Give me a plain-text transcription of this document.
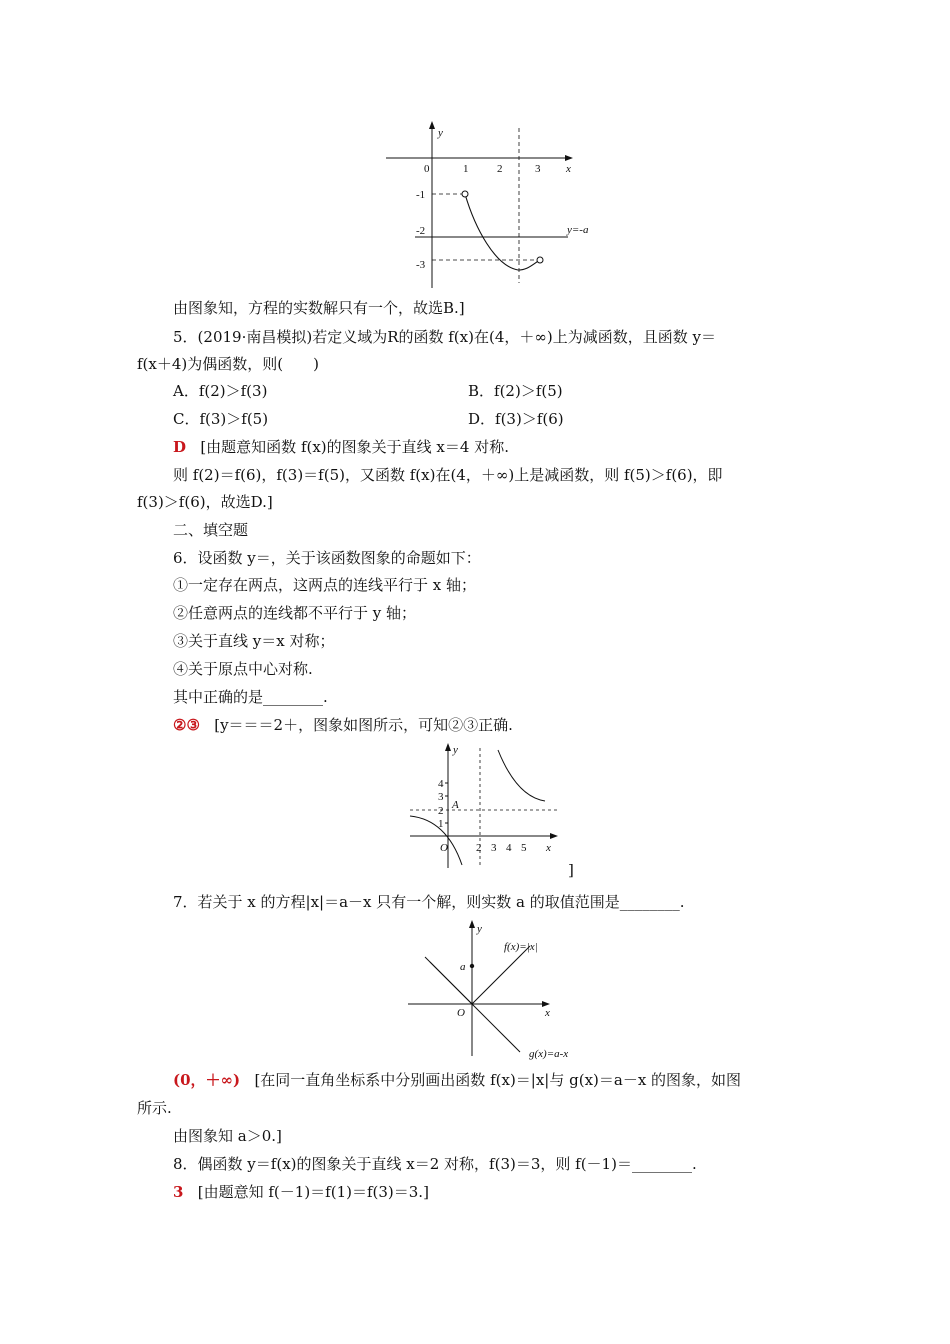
0	1	2	3 x
y
-1
-2
-3
y=-a
由图象知，方程的实数解只有一个，故选B.]
5．(2019·南昌模拟)若定义域为R的函数 f(x)在(4，＋∞)上为减函数，且函数 y＝
f(x＋4)为偶函数，则(　　)
A．f(2)＞f(3)	B．f(2)＞f(5)
C．f(3)＞f(5)	D．f(3)＞f(6)
D [由题意知函数 f(x)的图象关于直线 x＝4 对称.
则 f(2)＝f(6)，f(3)＝f(5)，又函数 f(x)在(4，＋∞)上是减函数，则 f(5)＞f(6)，即
f(3)＞f(6)，故选D.]
二、填空题
6．设函数 y＝，关于该函数图象的命题如下：
①一定存在两点，这两点的连线平行于 x 轴；
②任意两点的连线都不平行于 y 轴；
③关于直线 y＝x 对称；
④关于原点中心对称.
其中正确的是________.
②③ [y＝＝＝2＋，图象如图所示，可知②③正确.
4
3
2
1
O	2 3 4 5 x
y
A
]
7．若关于 x 的方程|x|＝a－x 只有一个解，则实数 a 的取值范围是________.
O	x
y
a
f(x)=|x|
g(x)=a-x
(0，＋∞) [在同一直角坐标系中分别画出函数 f(x)＝|x|与 g(x)＝a－x 的图象，如图
所示.
由图象知 a＞0.]
8．偶函数 y＝f(x)的图象关于直线 x＝2 对称，f(3)＝3，则 f(－1)＝________.
3 [由题意知 f(－1)＝f(1)＝f(3)＝3.]
